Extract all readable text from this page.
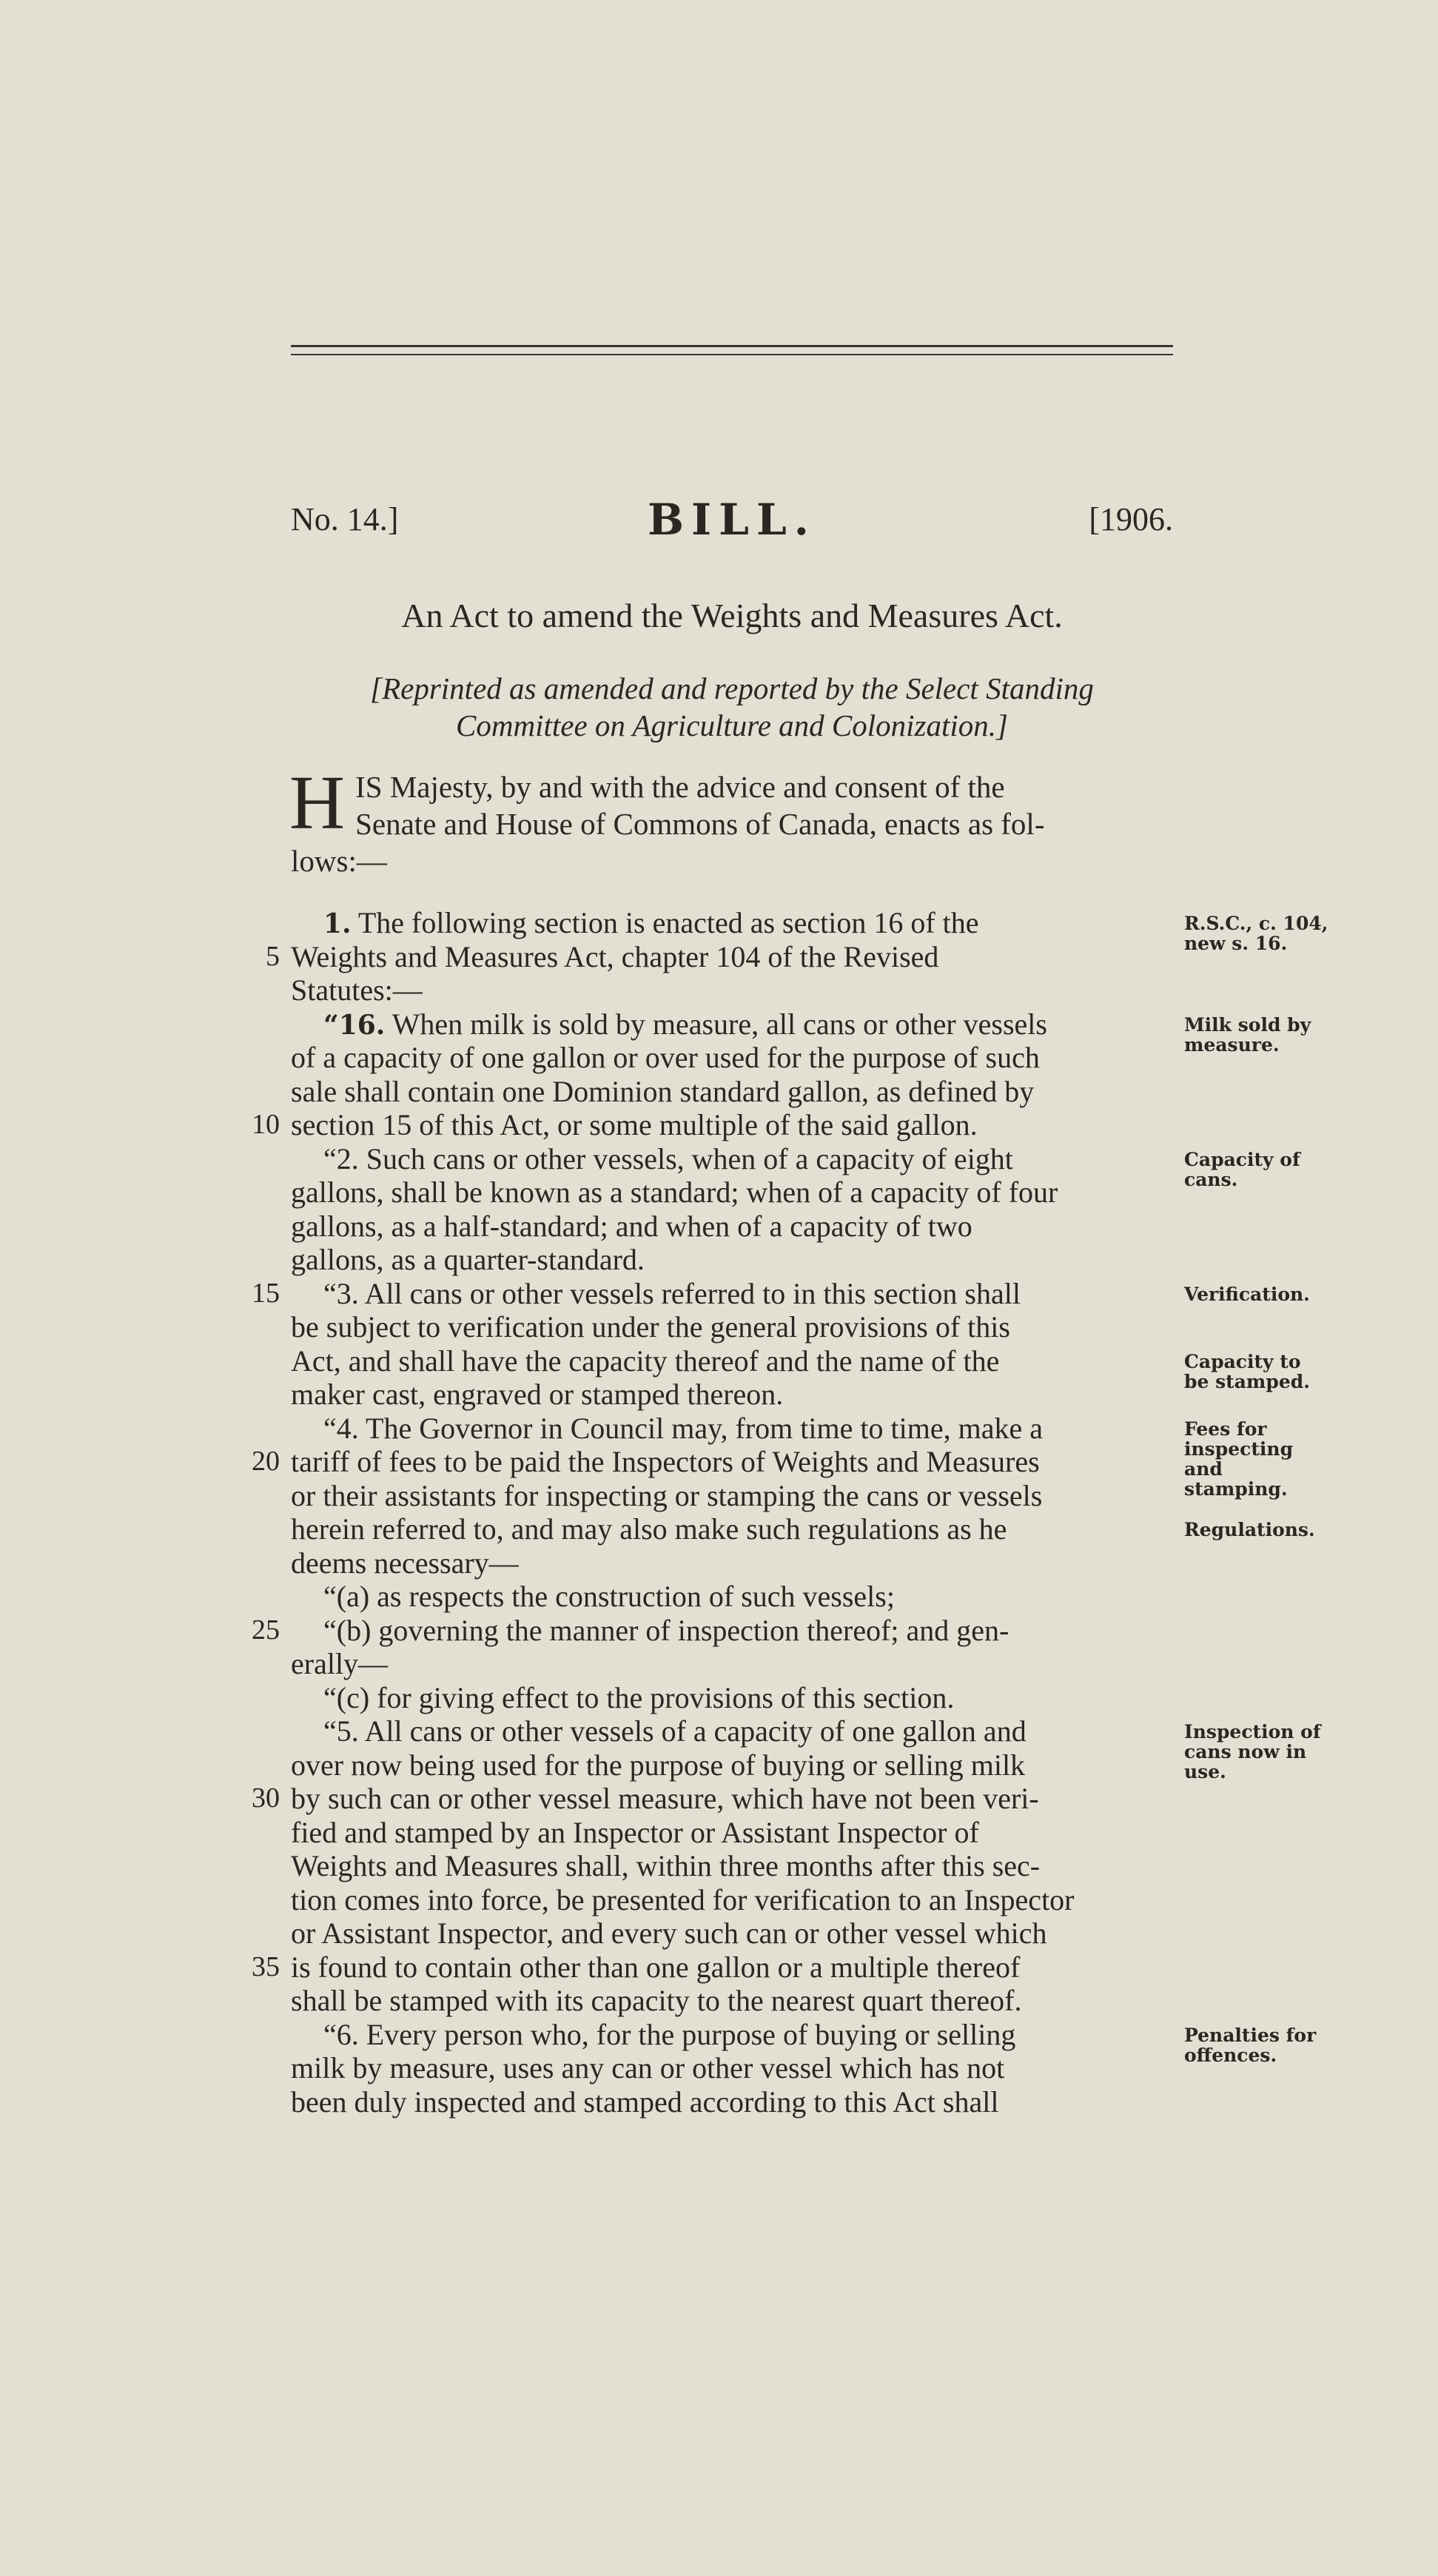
No. 14.]	BILL.	[1906.
An Act to amend the Weights and Measures Act.
[Reprinted as amended and reported by the Select Standing
Committee on Agriculture and Colonization.]
H IS Majesty, by and with the advice and consent of the
Senate and House of Commons of Canada, enacts as fol-
lows:—
1. The following section is enacted as section 16 of the
5 Weights and Measures Act, chapter 104 of the Revised
Statutes:—
“16. When milk is sold by measure, all cans or other vessels
of a capacity of one gallon or over used for the purpose of such
sale shall contain one Dominion standard gallon, as defined by
10 section 15 of this Act, or some multiple of the said gallon.
“2. Such cans or other vessels, when of a capacity of eight
gallons, shall be known as a standard; when of a capacity of four
gallons, as a half-standard; and when of a capacity of two
gallons, as a quarter-standard.
15	“3. All cans or other vessels referred to in this section shall
be subject to verification under the general provisions of this
Act, and shall have the capacity thereof and the name of the
maker cast, engraved or stamped thereon.
“4. The Governor in Council may, from time to time, make a
20 tariff of fees to be paid the Inspectors of Weights and Measures
or their assistants for inspecting or stamping the cans or vessels
herein referred to, and may also make such regulations as he
deems necessary—
“(a) as respects the construction of such vessels;
25	“(b) governing the manner of inspection thereof; and gen-
erally—
“(c) for giving effect to the provisions of this section.
“5. All cans or other vessels of a capacity of one gallon and
over now being used for the purpose of buying or selling milk
30 by such can or other vessel measure, which have not been veri-
fied and stamped by an Inspector or Assistant Inspector of
Weights and Measures shall, within three months after this sec-
tion comes into force, be presented for verification to an Inspector
or Assistant Inspector, and every such can or other vessel which
35 is found to contain other than one gallon or a multiple thereof
shall be stamped with its capacity to the nearest quart thereof.
“6. Every person who, for the purpose of buying or selling
milk by measure, uses any can or other vessel which has not
been duly inspected and stamped according to this Act shall
R.S.C., c. 104,
new s. 16.
Milk sold by
measure.
Capacity of
cans.
Verification.
Capacity to
be stamped.
Fees for
inspecting
and
stamping.
Regulations.
Inspection of
cans now in
use.
Penalties for
offences.
